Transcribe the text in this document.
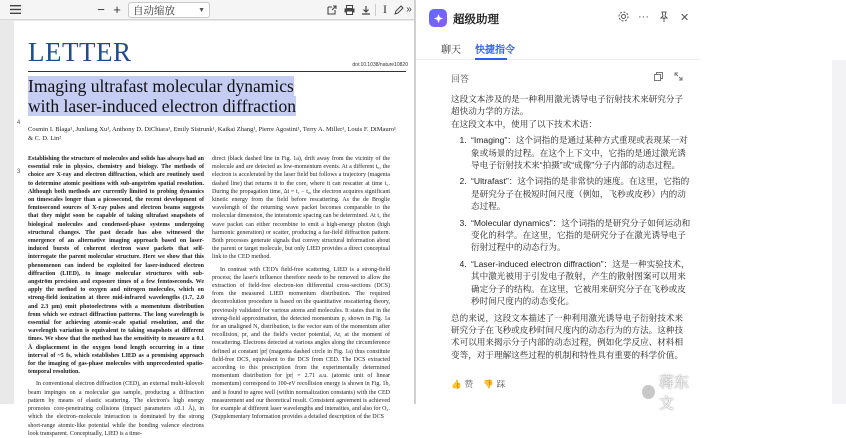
− + 自动缩放	▼	I	»
LETTER	doi:10.1038/nature10820
Imaging ultrafast molecular dynamics with laser-induced electron diffraction
Cosmin I. Blaga¹, Junliang Xu¹, Anthony D. DiChiara¹, Emily Sistrunk¹, Kaikai Zhang¹, Pierre Agostini¹, Terry A. Miller¹, Louis F. DiMauro¹ & C. D. Lin²
4
3
Establishing the structure of molecules and solids has always had an essential role in physics, chemistry and biology. The methods of choice are X-ray and electron diffraction, which are routinely used to determine atomic positions with sub-angström spatial resolution. Although both methods are currently limited to probing dynamics on timescales longer than a picosecond, the recent development of femtosecond sources of X-ray pulses and electron beams suggests that they might soon be capable of taking ultrafast snapshots of biological molecules and condensed-phase systems undergoing structural changes. The past decade has also witnessed the emergence of an alternative imaging approach based on laser-induced bursts of coherent electron wave packets that self-interrogate the parent molecular structure. Here we show that this phenomenon can indeed be exploited for laser-induced electron diffraction (LIED), to image molecular structures with sub-angström precision and exposure times of a few femtoseconds. We apply the method to oxygen and nitrogen molecules, which on strong-field ionization at three mid-infrared wavelengths (1.7, 2.0 and 2.3 μm) emit photoelectrons with a momentum distribution from which we extract diffraction patterns. The long wavelength is essential for achieving atomic-scale spatial resolution, and the wavelength variation is equivalent to taking snapshots at different times. We show that the method has the sensitivity to measure a 0.1 Å displacement in the oxygen bond length occurring in a time interval of ~5 fs, which establishes LIED as a promising approach for the imaging of gas-phase molecules with unprecedented spatio-temporal resolution.
In conventional electron diffraction (CED), an external multi-kilovolt beam impinges on a molecular gas sample, producing a diffraction pattern by means of elastic scattering. The electron's high energy promotes core-penetrating collisions (impact parameters ≤0.1 Å), in which the electron–molecule interaction is dominated by the strong short-range atomic-like potential while the bonding valence electrons look transparent. Conceptually, LIED is a time-
direct (black dashed line in Fig. 1a), drift away from the vicinity of the molecule and are detected as low-momentum events. At a different t₀, the electron is accelerated by the laser field but follows a trajectory (magenta dashed line) that returns it to the core, where it can rescatter at time t₁. During the propagation time, Δt = t₁ − t₀, the electron acquires significant kinetic energy from the field before rescattering. As the de Broglie wavelength of the returning wave packet becomes comparable to the molecular dimension, the interatomic spacing can be determined. At t₁ the wave packet can either recombine to emit a high-energy photon (high harmonic generation) or scatter, producing a far-field diffraction pattern. Both processes generate signals that convey structural information about the parent or target molecule, but only LIED provides a direct conceptual link to the CED method.
In contrast with CED's field-free scattering, LIED is a strong-field process; the laser's influence therefore needs to be removed to allow the extraction of field-free electron-ion differential cross-sections (DCS) from the measured LIED momentum distribution. The required deconvolution procedure is based on the quantitative rescattering theory, previously validated for various atoms and molecules. It states that in the strong-field approximation, the detected momentum p, shown in Fig. 1a for an unaligned N₂ distribution, is the vector sum of the momentum after recollision, pr, and the field's vector potential, Ar, at the moment of rescattering. Electrons detected at various angles along the circumference defined at constant |pr| (magenta dashed circle in Fig. 1a) thus constitute field-free DCS, equivalent to the DCS from CED. The DCS extracted according to this prescription from the experimentally determined momentum distribution for |pr| = 2.71 a.u. (atomic unit of linear momentum) correspond to 100-eV recollision energy is shown in Fig. 1b, and is found to agree well (within normalization constants) with the CED measurement and our theoretical result. Consistent agreement is achieved for example at different laser wavelengths and intensities, and also for O₂. (Supplementary Information provides a detailed description of the DCS
超级助理	···	✕
聊天 快捷指令
回答

这段文本涉及的是一种利用激光诱导电子衍射技术来研究分子超快动力学的方法。

在这段文本中，使用了以下技术术语：

1. “Imaging”：这个词指的是通过某种方式重现或表现某一对象或场景的过程。在这个上下文中，它指的是通过激光诱导电子衍射技术来“拍摄”或“成像”分子内部的动态过程。
2. “Ultrafast”：这个词指的是非常快的速度。在这里，它指的是研究分子在极短时间尺度（例如，飞秒或皮秒）内的动态过程。
3. “Molecular dynamics”：这个词指的是研究分子如何运动和变化的科学。在这里，它指的是研究分子在激光诱导电子衍射过程中的动态行为。
4. “Laser-induced electron diffraction”：这是一种实验技术，其中激光被用于引发电子散射，产生的散射图案可以用来确定分子的结构。在这里，它被用来研究分子在飞秒或皮秒时间尺度内的动态变化。

总的来说，这段文本描述了一种利用激光诱导电子衍射技术来研究分子在飞秒或皮秒时间尺度内的动态行为的方法。这种技术可以用来揭示分子内部的动态过程，例如化学反应、材料相变等，对于理解这些过程的机制和特性具有重要的科学价值。

👍 赞 👎 踩	蒋东文
